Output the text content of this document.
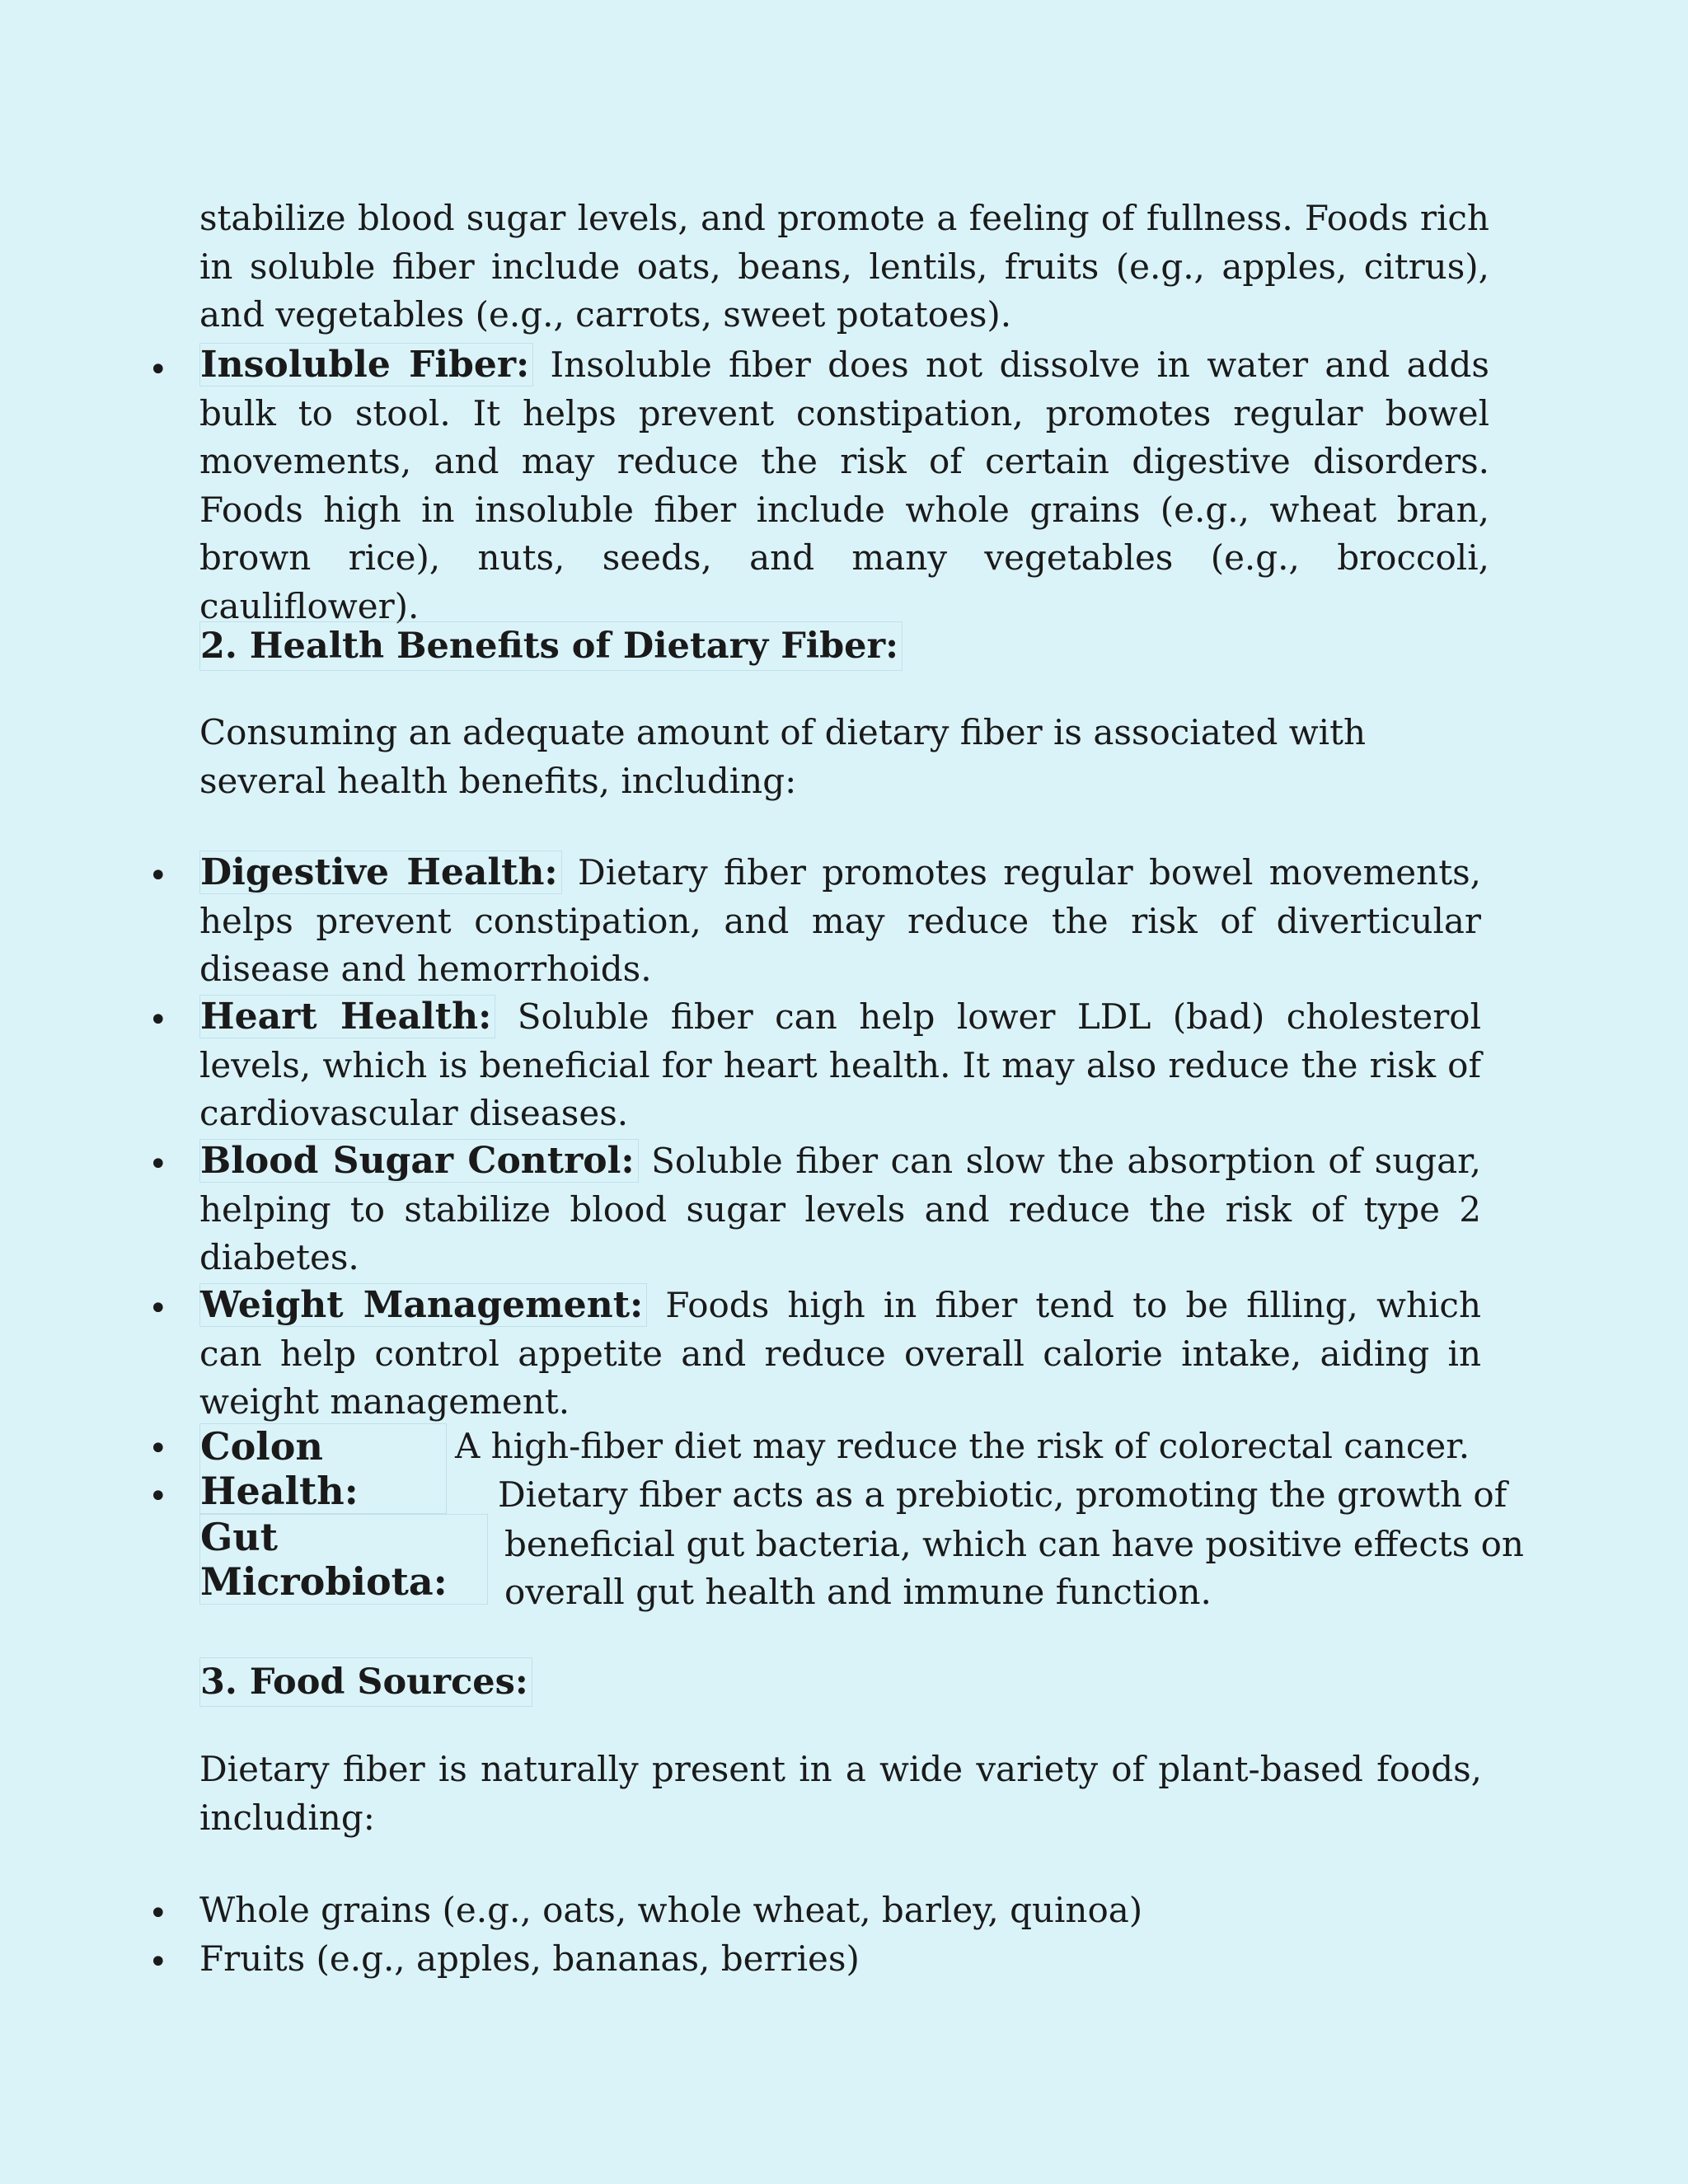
stabilize blood sugar levels, and promote a feeling of fullness. Foods rich in soluble fiber include oats, beans, lentils, fruits (e.g., apples, citrus), and vegetables (e.g., carrots, sweet potatoes).

• Insoluble Fiber: Insoluble fiber does not dissolve in water and adds bulk to stool. It helps prevent constipation, promotes regular bowel movements, and may reduce the risk of certain digestive disorders. Foods high in insoluble fiber include whole grains (e.g., wheat bran, brown rice), nuts, seeds, and many vegetables (e.g., broccoli, cauliflower).

2. Health Benefits of Dietary Fiber:

Consuming an adequate amount of dietary fiber is associated with several health benefits, including:

• Digestive Health: Dietary fiber promotes regular bowel movements, helps prevent constipation, and may reduce the risk of diverticular disease and hemorrhoids.

• Heart Health: Soluble fiber can help lower LDL (bad) cholesterol levels, which is beneficial for heart health. It may also reduce the risk of cardiovascular diseases.

• Blood Sugar Control: Soluble fiber can slow the absorption of sugar, helping to stabilize blood sugar levels and reduce the risk of type 2 diabetes.

• Weight Management: Foods high in fiber tend to be filling, which can help control appetite and reduce overall calorie intake, aiding in weight management.

•
•
Colon
Health:

A high-fiber diet may reduce the risk of colorectal cancer.

Gut
Microbiota:

Dietary fiber acts as a prebiotic, promoting the growth of

beneficial gut bacteria, which can have positive effects on

overall gut health and immune function.

3. Food Sources:

Dietary fiber is naturally present in a wide variety of plant-based foods, including:

• Whole grains (e.g., oats, whole wheat, barley, quinoa)

• Fruits (e.g., apples, bananas, berries)
